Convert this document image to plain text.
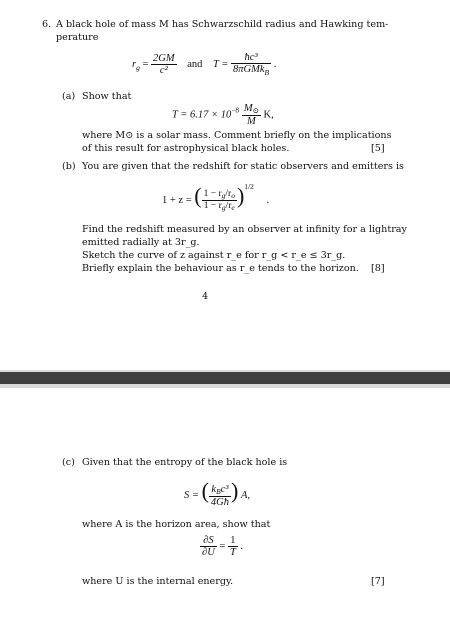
6. A black hole of mass M has Schwarzschild radius and Hawking tem-
perature
$r_g = \frac{2GM}{\text{c²}}$ and $T = \frac{\text{ħc³}}{8\pi GMk_B}$ .
(a) Show that
$T = 6.17 \times 10^{-8} \frac{M⊙}{M} K$,
where M⊙ is a solar mass. Comment briefly on the implications
of this result for astrophysical black holes.	[5]
(b) You are given that the redshift for static observers and emitters is
1 + z = ( $\frac{1 - r_g/r_o}{1 - r_g/r_e} )^{1/2}$ .
Find the redshift measured by an observer at infinity for a lightray
emitted radially at 3r_g.
Sketch the curve of z against r_e for r_g < r_e ≤ 3r_g.
Briefly explain the behaviour as r_e tends to the horizon. [8]
4
(c) Given that the entropy of the black hole is
S = ( $\frac{\text{kBc³}}{4Għ}$ ) A,
where A is the horizon area, show that
$\frac{\partial S}{\partial U} = \frac{1}{T}$ .
where U is the internal energy.	[7]
